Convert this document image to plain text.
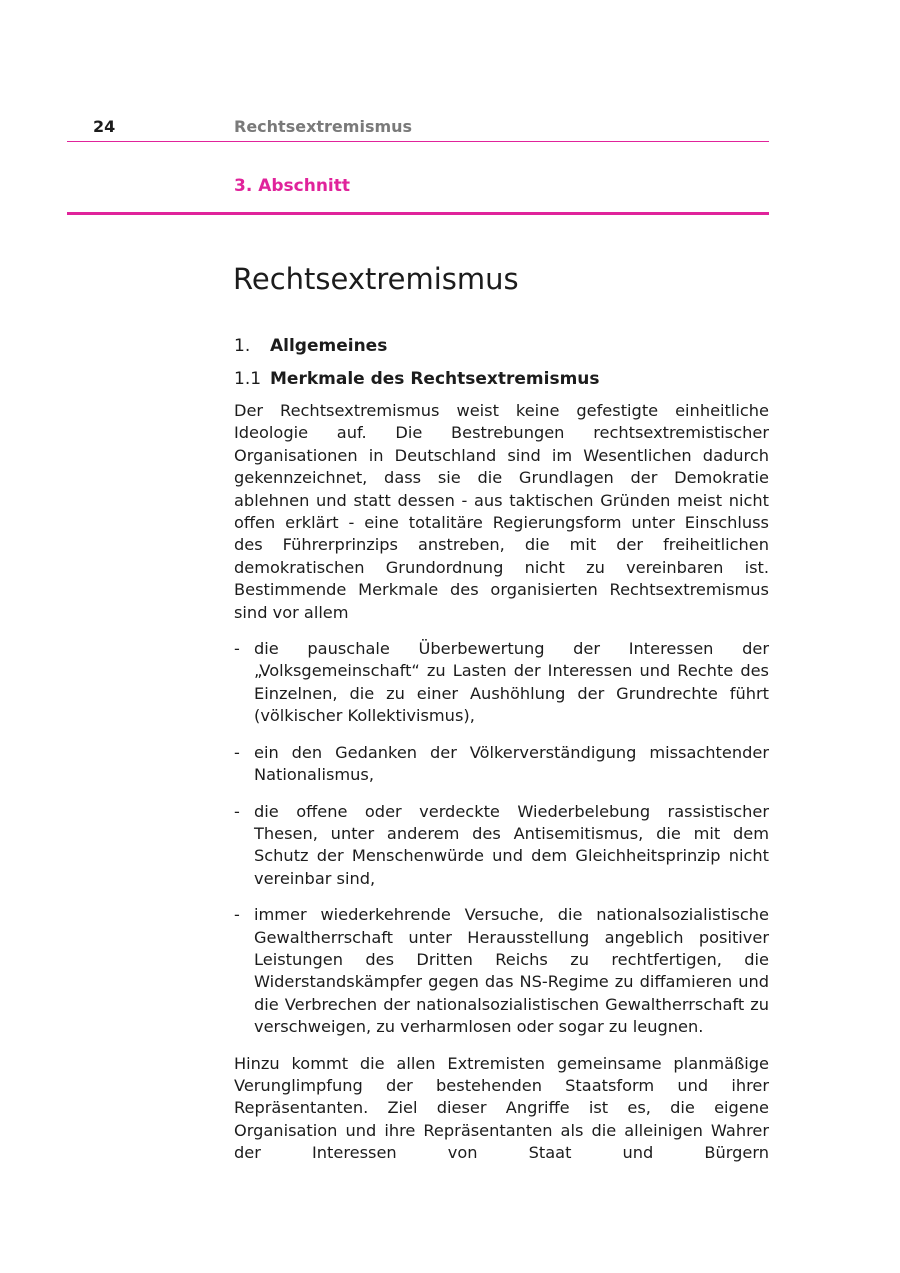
24	Rechtsextremismus
3. Abschnitt
Rechtsextremismus
1.	Allgemeines
1.1 Merkmale des Rechtsextremismus

Der Rechtsextremismus weist keine gefestigte einheitliche Ideologie auf. Die Bestrebungen rechtsextremistischer Organisationen in Deutschland sind im Wesentlichen dadurch gekennzeichnet, dass sie die Grundlagen der Demokratie ablehnen und statt dessen - aus taktischen Gründen meist nicht offen erklärt - eine totalitäre Regierungsform unter Einschluss des Führerprinzips anstreben, die mit der freiheitlichen demokratischen Grundordnung nicht zu vereinbaren ist. Bestimmende Merkmale des organisierten Rechtsextremismus sind vor allem

- die pauschale Überbewertung der Interessen der „Volksgemeinschaft“ zu Lasten der Interessen und Rechte des Einzelnen, die zu einer Aushöhlung der Grundrechte führt (völkischer Kollektivismus),
- ein den Gedanken der Völkerverständigung missachtender Nationalismus,
- die offene oder verdeckte Wiederbelebung rassistischer Thesen, unter anderem des Antisemitismus, die mit dem Schutz der Menschenwürde und dem Gleichheitsprinzip nicht vereinbar sind,
- immer wiederkehrende Versuche, die nationalsozialistische Gewaltherrschaft unter Herausstellung angeblich positiver Leistungen des Dritten Reichs zu rechtfertigen, die Widerstandskämpfer gegen das NS-Regime zu diffamieren und die Verbrechen der nationalsozialistischen Gewaltherrschaft zu verschweigen, zu verharmlosen oder sogar zu leugnen.

Hinzu kommt die allen Extremisten gemeinsame planmäßige Verunglimpfung der bestehenden Staatsform und ihrer Repräsentanten. Ziel dieser Angriffe ist es, die eigene Organisation und ihre Repräsentanten als die alleinigen Wahrer der Interessen von Staat und Bürgern
